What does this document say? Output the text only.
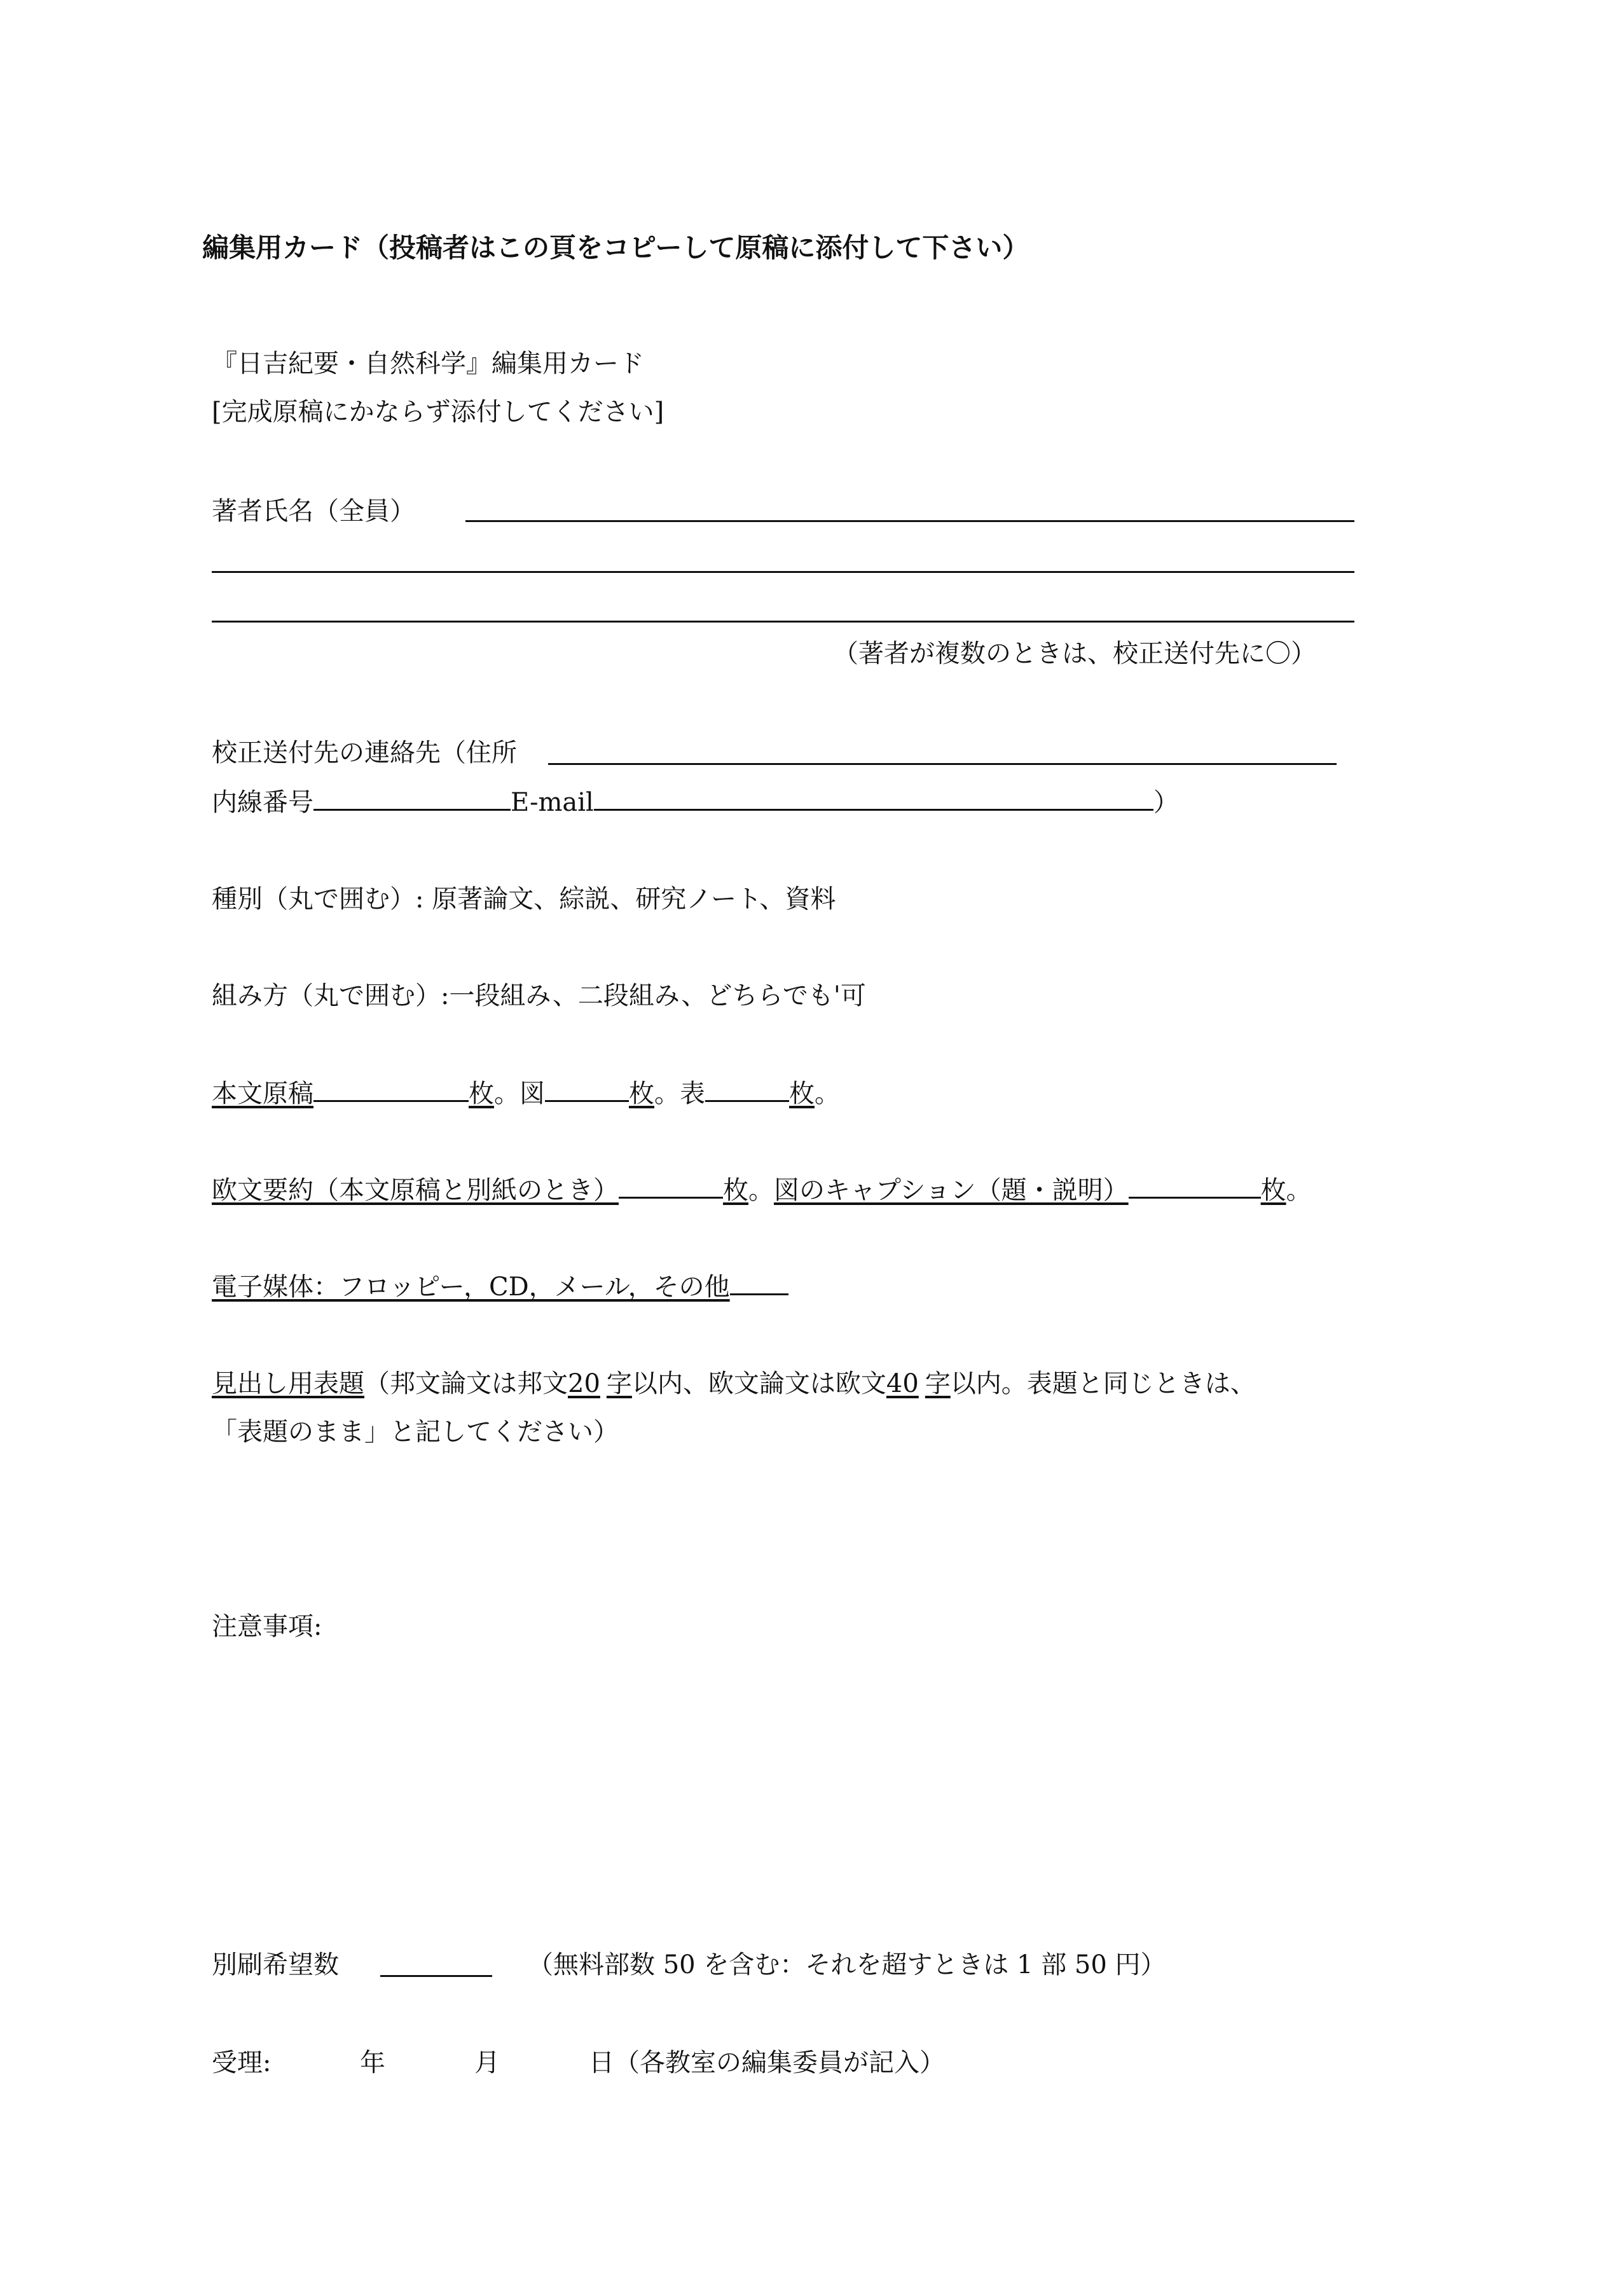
編集用カード（投稿者はこの頁をコピーして原稿に添付して下さい）
『日吉紀要・自然科学』編集用カード
[完成原稿にかならず添付してください]
著者氏名（全員）
（著者が複数のときは、校正送付先に〇）
校正送付先の連絡先（住所
内線番号	E-mail	）
種別（丸で囲む）: 原著論文、綜説、研究ノート、資料
組み方（丸で囲む）:一段組み、二段組み、どちらでも'可
本文原稿	枚。図	枚。表	枚。
欧文要約（本文原稿と別紙のとき）	枚。図のキャプション（題・説明）	枚。
電子媒体：フロッピー，CD，メール，その他
見出し用表題（邦文論文は邦文20 字以内、欧文論文は欧文40 字以内。表題と同じときは、
「表題のまま」と記してください）
注意事項:
別刷希望数	（無料部数 50 を含む：それを超すときは 1 部 50 円）
受理:	年	月	日（各教室の編集委員が記入）
